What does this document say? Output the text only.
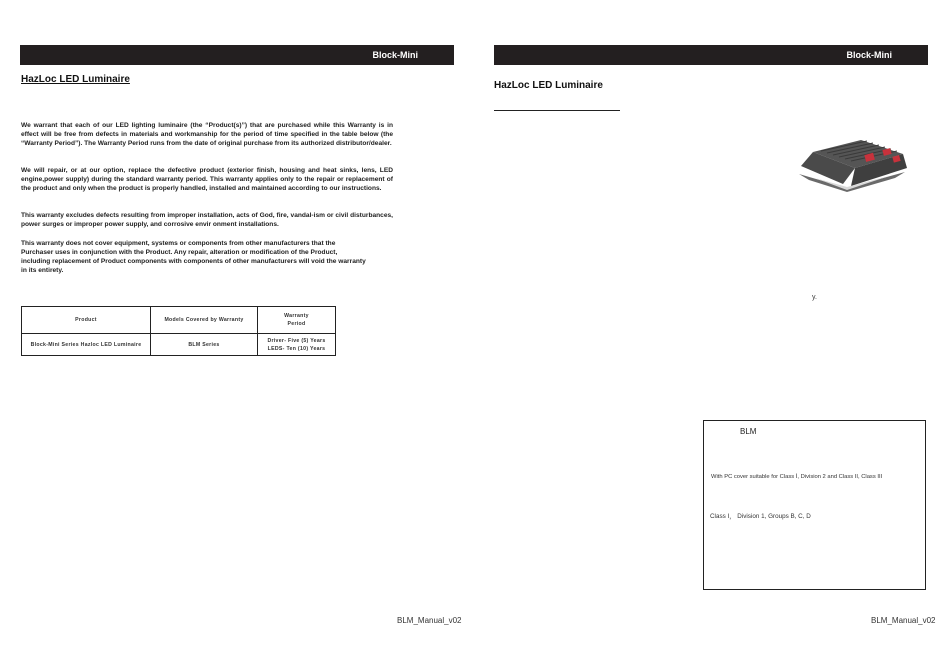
Block-Mini
HazLoc LED Luminaire
We warrant that each of our LED lighting luminaire (the “Product(s)”) that are purchased while this Warranty is in effect will be free from defects in materials and workmanship for the period of time specified in the table below (the “Warranty Period”). The Warranty Period runs from the date of original purchase from its authorized distributor/dealer.
We will repair, or at our option, replace the defective product (exterior finish, housing and heat sinks, lens, LED engine,power supply) during the standard warranty period. This warranty applies only to the repair or replacement of the product and only when the product is properly handled, installed and maintained according to our instructions.
This warranty excludes defects resulting from improper installation, acts of God, fire, vandal-ism or civil disturbances, power surges or improper power supply, and corrosive envir onment installations.
This warranty does not cover equipment, systems or components from other manufacturers that the Purchaser uses in conjunction with the Product. Any repair, alteration or modification of the Product, including replacement of Product components with components of other manufacturers will void the warranty in its entirety.
Product	Models Covered by Warranty	Warranty Period
Block-Mini Series Hazloc LED Luminaire	BLM Series	Driver- Five (5) Years
LEDS- Ten (10) Years
BLM_Manual_v02
Block-Mini
HazLoc LED Luminaire
y.
BLM
With PC cover suitable for Class Ⅰ, Division 2 and Class II, Class III
Class I， Division 1, Groups B, C, D
BLM_Manual_v02
